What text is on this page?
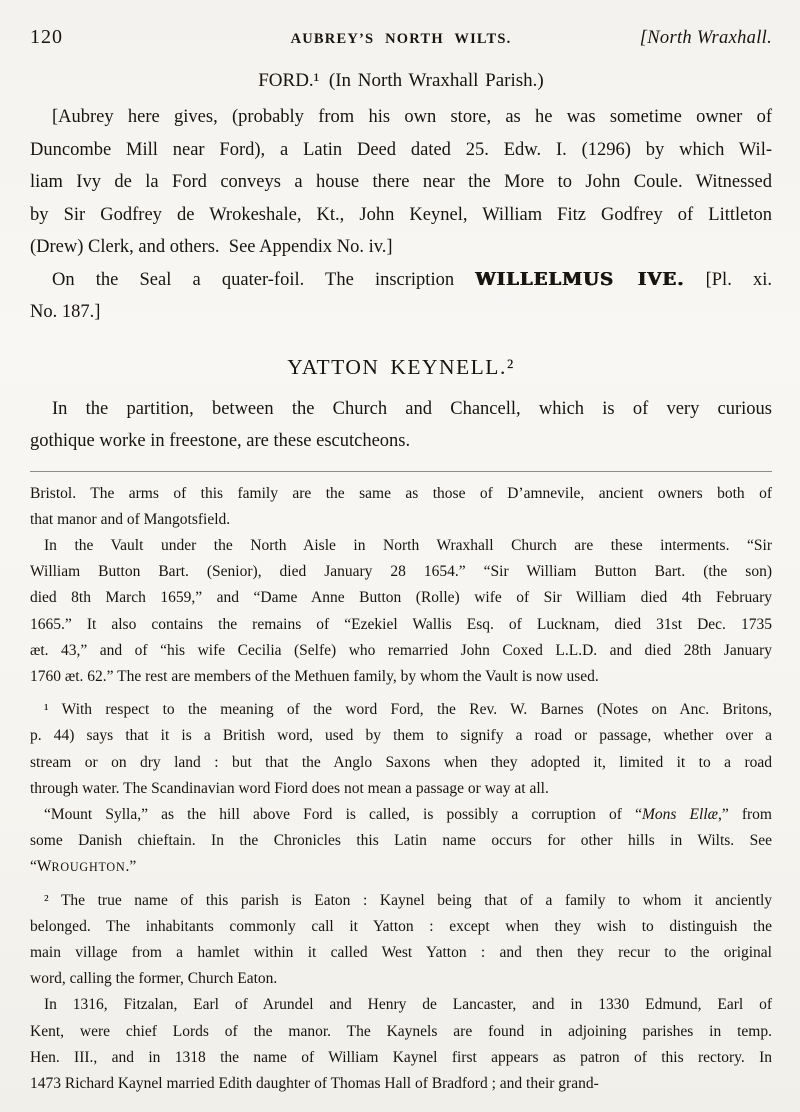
120	AUBREY’S NORTH WILTS.	[North Wraxhall.
FORD.¹ (In North Wraxhall Parish.)
[Aubrey here gives, (probably from his own store, as he was sometime owner of
Duncombe Mill near Ford), a Latin Deed dated 25. Edw. I. (1296) by which Wil-
liam Ivy de la Ford conveys a house there near the More to John Coule. Witnessed
by Sir Godfrey de Wrokeshale, Kt., John Keynel, William Fitz Godfrey of Littleton
(Drew) Clerk, and others. See Appendix No. iv.]
On the Seal a quater-foil. The inscription WILLELMUS IVE. [Pl. xi.
No. 187.]
YATTON KEYNELL.²
In the partition, between the Church and Chancell, which is of very curious
gothique worke in freestone, are these escutcheons.
Bristol. The arms of this family are the same as those of D’amnevile, ancient owners both of
that manor and of Mangotsfield.
In the Vault under the North Aisle in North Wraxhall Church are these interments. “Sir
William Button Bart. (Senior), died January 28 1654.” “Sir William Button Bart. (the son)
died 8th March 1659,” and “Dame Anne Button (Rolle) wife of Sir William died 4th February
1665.” It also contains the remains of “Ezekiel Wallis Esq. of Lucknam, died 31st Dec. 1735
æt. 43,” and of “his wife Cecilia (Selfe) who remarried John Coxed L.L.D. and died 28th January
1760 æt. 62.” The rest are members of the Methuen family, by whom the Vault is now used.
¹ With respect to the meaning of the word Ford, the Rev. W. Barnes (Notes on Anc. Britons,
p. 44) says that it is a British word, used by them to signify a road or passage, whether over a
stream or on dry land : but that the Anglo Saxons when they adopted it, limited it to a road
through water. The Scandinavian word Fiord does not mean a passage or way at all.
“Mount Sylla,” as the hill above Ford is called, is possibly a corruption of “Mons Ellæ,” from
some Danish chieftain. In the Chronicles this Latin name occurs for other hills in Wilts. See
“WROUGHTON.”
² The true name of this parish is Eaton : Kaynel being that of a family to whom it anciently
belonged. The inhabitants commonly call it Yatton : except when they wish to distinguish the
main village from a hamlet within it called West Yatton : and then they recur to the original
word, calling the former, Church Eaton.
In 1316, Fitzalan, Earl of Arundel and Henry de Lancaster, and in 1330 Edmund, Earl of
Kent, were chief Lords of the manor. The Kaynels are found in adjoining parishes in temp.
Hen. III., and in 1318 the name of William Kaynel first appears as patron of this rectory. In
1473 Richard Kaynel married Edith daughter of Thomas Hall of Bradford ; and their grand-
